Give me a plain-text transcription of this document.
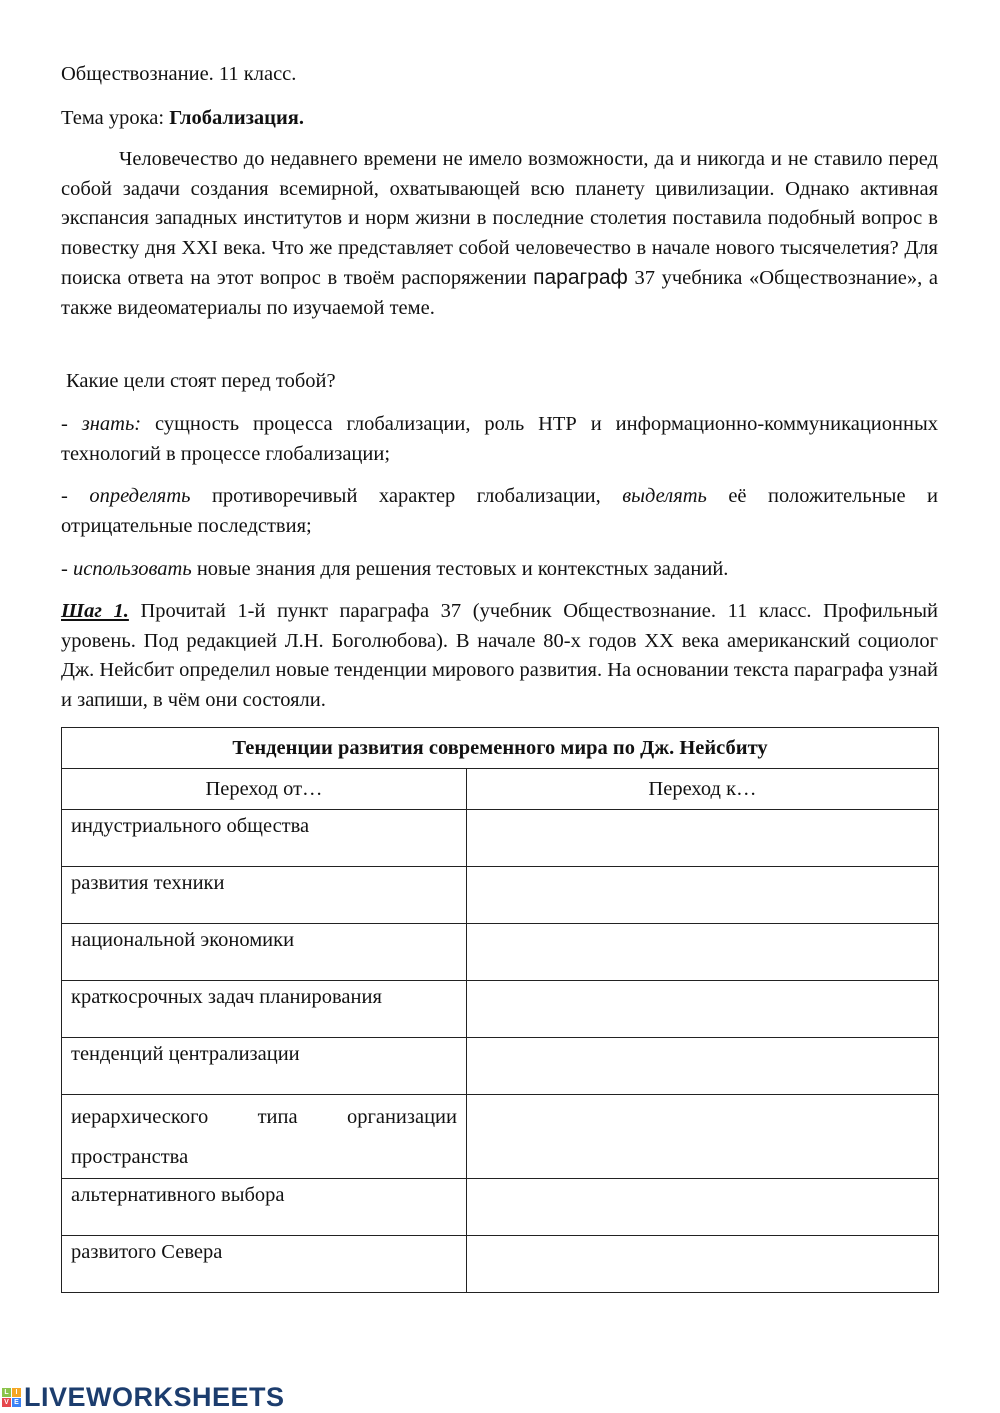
Обществознание. 11 класс.
Тема урока: Глобализация.
Человечество до недавнего времени не имело возможности, да и никогда и не ставило перед собой задачи создания всемирной, охватывающей всю планету цивилизации. Однако активная экспансия западных институтов и норм жизни в последние столетия поставила подобный вопрос в повестку дня XXI века. Что же представляет собой человечество в начале нового тысячелетия? Для поиска ответа на этот вопрос в твоём распоряжении параграф 37 учебника «Обществознание», а также видеоматериалы по изучаемой теме.
Какие цели стоят перед тобой?
- знать: сущность процесса глобализации, роль НТР и информационно-коммуникационных технологий в процессе глобализации;
- определять противоречивый характер глобализации, выделять её положительные и отрицательные последствия;
- использовать новые знания для решения тестовых и контекстных заданий.
Шаг 1. Прочитай 1-й пункт параграфа 37 (учебник Обществознание. 11 класс. Профильный уровень. Под редакцией Л.Н. Боголюбова). В начале 80-х годов XX века американский социолог Дж. Нейсбит определил новые тенденции мирового развития. На основании текста параграфа узнай и запиши, в чём они состояли.
Тенденции развития современного мира по Дж. Нейсбиту	
Переход от…	Переход к…
индустриального общества	
развития техники	
национальной экономики	
краткосрочных задач планирования	
тенденций централизации	
иерархического типа организации пространства	
альтернативного выбора	
развитого Севера	
L I
V E LIVEWORKSHEETS
